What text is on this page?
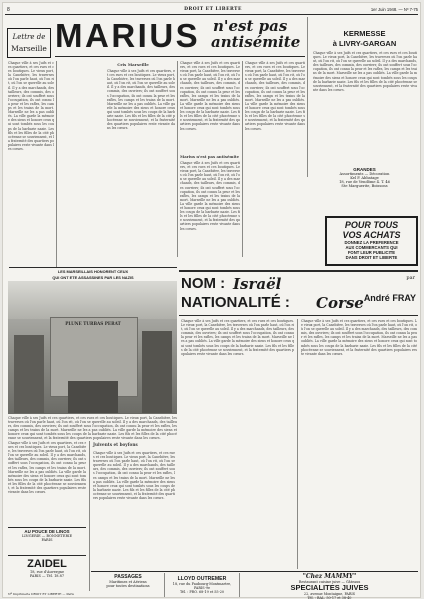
8	DROIT ET LIBERTE	1er Juin 1948. — Nº 7-75
Lettre de
Marseille MARIUS n'est pas
antisémite	KERMESSE
à LIVRY-GARGAN
Chaque ville à ses Juifs et ces quartiers, et ces rues et ces boutiques. Le vieux port, la Canebière, les traverses où l'on parle haut, où l'on rit, où l'on se querelle au soleil. Il y a des marchands, des tailleurs, des commis, des ouvriers; ils ont souffert sous l'occupation, ils ont connu la peur et les rafles, les camps et les trains de la mort. Marseille ne les a pas oubliés. La ville garde la mémoire des siens et honore ceux qui sont tombés sous les coups de la barbarie nazie. Les fils et les filles de la cité phocéenne se souviennent, et la fraternité des quartiers populaires reste vivante dans les cœurs.
Cris Marseille
Chaque ville à ses Juifs et ces quartiers, et ces rues et ces boutiques. Le vieux port, la Canebière, les traverses où l'on parle haut, où l'on rit, où l'on se querelle au soleil. Il y a des marchands, des tailleurs, des commis, des ouvriers; ils ont souffert sous l'occupation, ils ont connu la peur et les rafles, les camps et les trains de la mort. Marseille ne les a pas oubliés. La ville garde la mémoire des siens et honore ceux qui sont tombés sous les coups de la barbarie nazie. Les fils et les filles de la cité phocéenne se souviennent, et la fraternité des quartiers populaires reste vivante dans les cœurs.
Chaque ville à ses Juifs et ces quartiers, et ces rues et ces boutiques. Le vieux port, la Canebière, les traverses où l'on parle haut, où l'on rit, où l'on se querelle au soleil. Il y a des marchands, des tailleurs, des commis, des ouvriers; ils ont souffert sous l'occupation, ils ont connu la peur et les rafles, les camps et les trains de la mort. Marseille ne les a pas oubliés. La ville garde la mémoire des siens et honore ceux qui sont tombés sous les coups de la barbarie nazie. Les fils et les filles de la cité phocéenne se souviennent, et la fraternité des quartiers populaires reste vivante dans les cœurs.
Marius n'est pas antisémite
Chaque ville à ses Juifs et ces quartiers, et ces rues et ces boutiques. Le vieux port, la Canebière, les traverses où l'on parle haut, où l'on rit, où l'on se querelle au soleil. Il y a des marchands, des tailleurs, des commis, des ouvriers; ils ont souffert sous l'occupation, ils ont connu la peur et les rafles, les camps et les trains de la mort. Marseille ne les a pas oubliés. La ville garde la mémoire des siens et honore ceux qui sont tombés sous les coups de la barbarie nazie. Les fils et les filles de la cité phocéenne se souviennent, et la fraternité des quartiers populaires reste vivante dans les cœurs.
Chaque ville à ses Juifs et ces quartiers, et ces rues et ces boutiques. Le vieux port, la Canebière, les traverses où l'on parle haut, où l'on rit, où l'on se querelle au soleil. Il y a des marchands, des tailleurs, des commis, des ouvriers; ils ont souffert sous l'occupation, ils ont connu la peur et les rafles, les camps et les trains de la mort. Marseille ne les a pas oubliés. La ville garde la mémoire des siens et honore ceux qui sont tombés sous les coups de la barbarie nazie. Les fils et les filles de la cité phocéenne se souviennent, et la fraternité des quartiers populaires reste vivante dans les cœurs.
Chaque ville à ses Juifs et ces quartiers, et ces rues et ces boutiques. Le vieux port, la Canebière, les traverses où l'on parle haut, où l'on rit, où l'on se querelle au soleil. Il y a des marchands, des tailleurs, des commis, des ouvriers; ils ont souffert sous l'occupation, ils ont connu la peur et les rafles, les camps et les trains de la mort. Marseille ne les a pas oubliés. La ville garde la mémoire des siens et honore ceux qui sont tombés sous les coups de la barbarie nazie. Les fils et les filles de la cité phocéenne se souviennent, et la fraternité des quartiers populaires reste vivante dans les cœurs.
GRANDES
Assortiments — Décoration
Kel F. Abbatage
18, rue de Vendôme 4. T. 46
Ste Marguerite, Boissons
POUR TOUS
VOS ACHATS
DONNEZ LA PREFERENCE
AUX COMMERCANTS QUI
FONT LEUR PUBLICITE
DANS DROIT ET LIBERTE
LES MARSEILLAIS HONORENT CEUX
QUI ONT ETE ASSASSINES PAR LES NAZIS
PLUNE TURBAS PERAT
Chaque ville à ses Juifs et ces quartiers, et ces rues et ces boutiques. Le vieux port, la Canebière, les traverses où l'on parle haut, où l'on rit, où l'on se querelle au soleil. Il y a des marchands, des tailleurs, des commis, des ouvriers; ils ont souffert sous l'occupation, ils ont connu la peur et les rafles, les camps et les trains de la mort. Marseille ne les a pas oubliés. La ville garde la mémoire des siens et honore ceux qui sont tombés sous les coups de la barbarie nazie. Les fils et les filles de la cité phocéenne se souviennent, et la fraternité des quartiers populaires reste vivante dans les cœurs.
Chaque ville à ses Juifs et ces quartiers, et ces rues et ces boutiques. Le vieux port, la Canebière, les traverses où l'on parle haut, où l'on rit, où l'on se querelle au soleil. Il y a des marchands, des tailleurs, des commis, des ouvriers; ils ont souffert sous l'occupation, ils ont connu la peur et les rafles, les camps et les trains de la mort. Marseille ne les a pas oubliés. La ville garde la mémoire des siens et honore ceux qui sont tombés sous les coups de la barbarie nazie. Les fils et les filles de la cité phocéenne se souviennent, et la fraternité des quartiers populaires reste vivante dans les cœurs.
Juivents et boyfons
Chaque ville à ses Juifs et ces quartiers, et ces rues et ces boutiques. Le vieux port, la Canebière, les traverses où l'on parle haut, où l'on rit, où l'on se querelle au soleil. Il y a des marchands, des tailleurs, des commis, des ouvriers; ils ont souffert sous l'occupation, ils ont connu la peur et les rafles, les camps et les trains de la mort. Marseille ne les a pas oubliés. La ville garde la mémoire des siens et honore ceux qui sont tombés sous les coups de la barbarie nazie. Les fils et les filles de la cité phocéenne se souviennent, et la fraternité des quartiers populaires reste vivante dans les cœurs.
AU POUCE DE LINOS
LINGERIE — BONNETERIE
PARIS
ZAIDEL
18, rue d'Auvergne
PARIS — Tél. 18.87
NOM : Israël
NATIONALITÉ : Corse
par
André FRAY
Chaque ville à ses Juifs et ces quartiers, et ces rues et ces boutiques. Le vieux port, la Canebière, les traverses où l'on parle haut, où l'on rit, où l'on se querelle au soleil. Il y a des marchands, des tailleurs, des commis, des ouvriers; ils ont souffert sous l'occupation, ils ont connu la peur et les rafles, les camps et les trains de la mort. Marseille ne les a pas oubliés. La ville garde la mémoire des siens et honore ceux qui sont tombés sous les coups de la barbarie nazie. Les fils et les filles de la cité phocéenne se souviennent, et la fraternité des quartiers populaires reste vivante dans les cœurs.
Chaque ville à ses Juifs et ces quartiers, et ces rues et ces boutiques. Le vieux port, la Canebière, les traverses où l'on parle haut, où l'on rit, où l'on se querelle au soleil. Il y a des marchands, des tailleurs, des commis, des ouvriers; ils ont souffert sous l'occupation, ils ont connu la peur et les rafles, les camps et les trains de la mort. Marseille ne les a pas oubliés. La ville garde la mémoire des siens et honore ceux qui sont tombés sous les coups de la barbarie nazie. Les fils et les filles de la cité phocéenne se souviennent, et la fraternité des quartiers populaires reste vivante dans les cœurs.
PASSAGES
Maritimes et Aériens
pour toutes destinations
LLOYD OUTREMER
18, rue du Faubourg-Montmartre, PARIS-9e
Tél. : PRO. 68-19 et 55-20
"Chez MAMMY"
Restaurant cuisine juive — Gâteaux
SPECIALITES JUIVES
22, avenue Montaigne, PARIS
Tél. : BAL. 50-17 et 38-40
Nº Imprimerie DROIT ET LIBERTE — Paris
